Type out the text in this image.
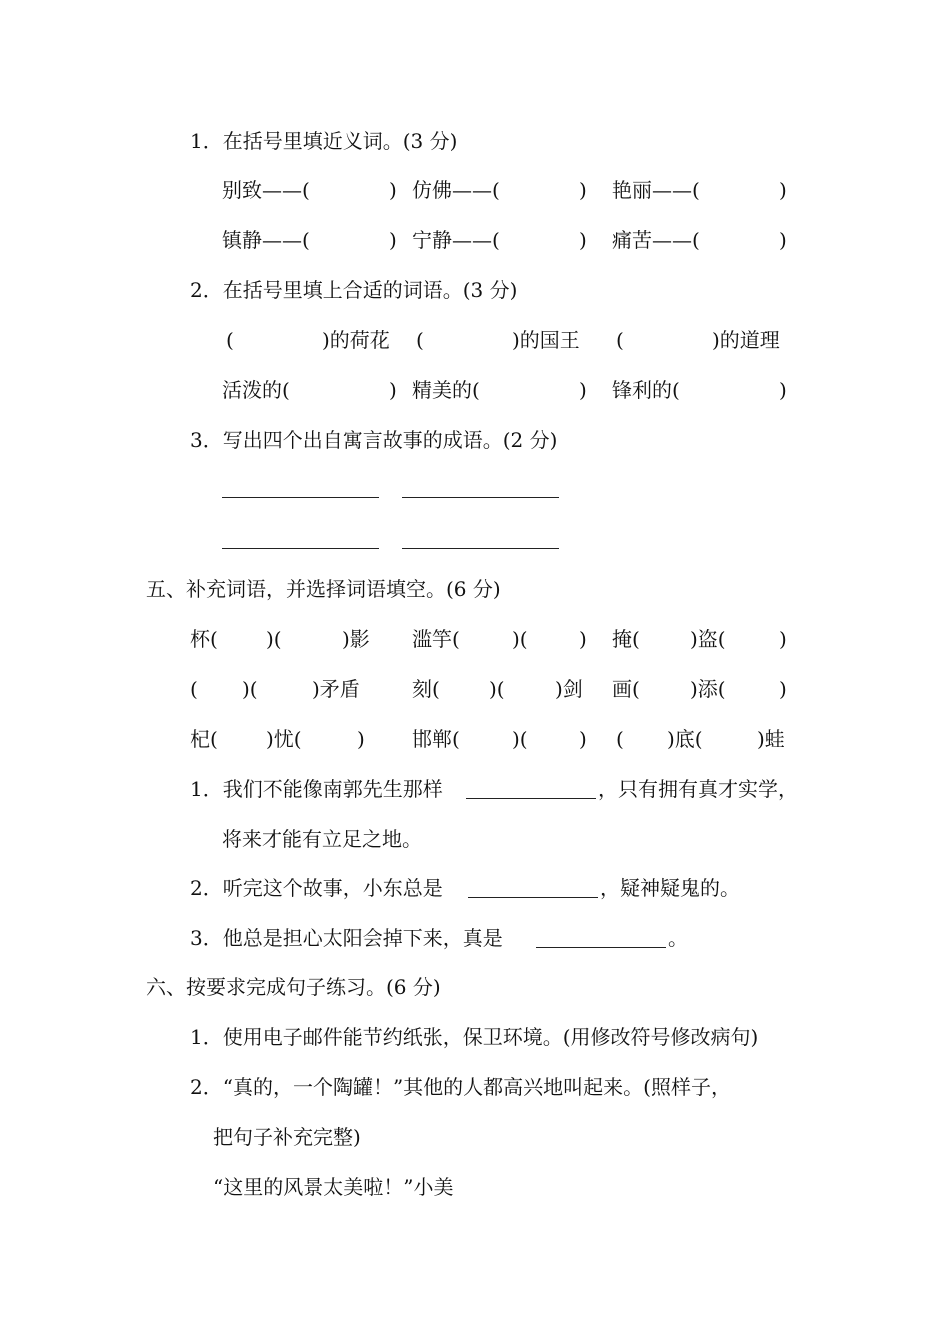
1．在括号里填近义词。(3 分)
别致——(	) 仿佛——(	) 艳丽——(	)
镇静——(	) 宁静——(	) 痛苦——(	)
2．在括号里填上合适的词语。(3 分)
(	)的荷花 (	)的国王 (	)的道理
活泼的(	) 精美的(	) 锋利的(	)
3．写出四个出自寓言故事的成语。(2 分)
五、补充词语，并选择词语填空。(6 分)
杯( )(	)影 滥竽(	)(	) 掩(	)盗(	)
( )(	)矛盾	刻( )(	)剑 画(	)添(	)
杞( )忧(	) 邯郸(	)(	) ( )底(	)蛙
1．我们不能像南郭先生那样	，只有拥有真才实学，
将来才能有立足之地。
2．听完这个故事，小东总是	，疑神疑鬼的。
3．他总是担心太阳会掉下来，真是	。
六、按要求完成句子练习。(6 分)
1．使用电子邮件能节约纸张，保卫环境。(用修改符号修改病句)
2．“真的，一个陶罐！”其他的人都高兴地叫起来。(照样子，
把句子补充完整)
“这里的风景太美啦！”小美
